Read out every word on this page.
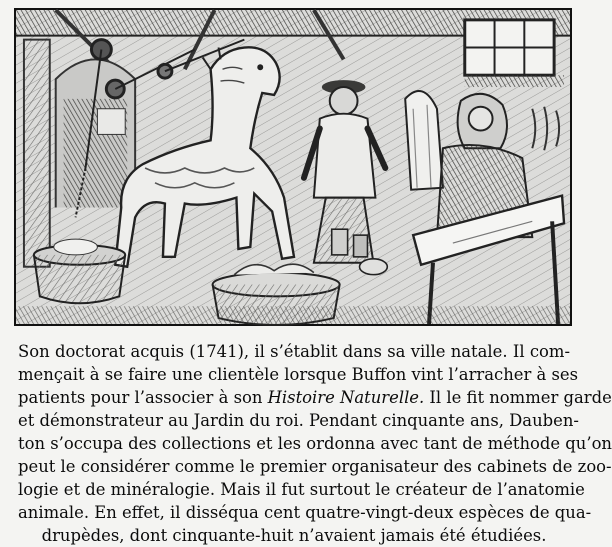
Son doctorat acquis (1741), il s’établit dans sa ville natale. Il com-
mençait à se faire une clientèle lorsque Buffon vint l’arracher à ses
patients pour l’associer à son Histoire Naturelle. Il le fit nommer garde
et démonstrateur au Jardin du roi. Pendant cinquante ans, Dauben-
ton s’occupa des collections et les ordonna avec tant de méthode qu’on
peut le considérer comme le premier organisateur des cabinets de zoo-
logie et de minéralogie. Mais il fut surtout le créateur de l’anatomie
animale. En effet, il disséqua cent quatre-vingt-deux espèces de qua-
drupèdes, dont cinquante-huit n’avaient jamais été étudiées.
